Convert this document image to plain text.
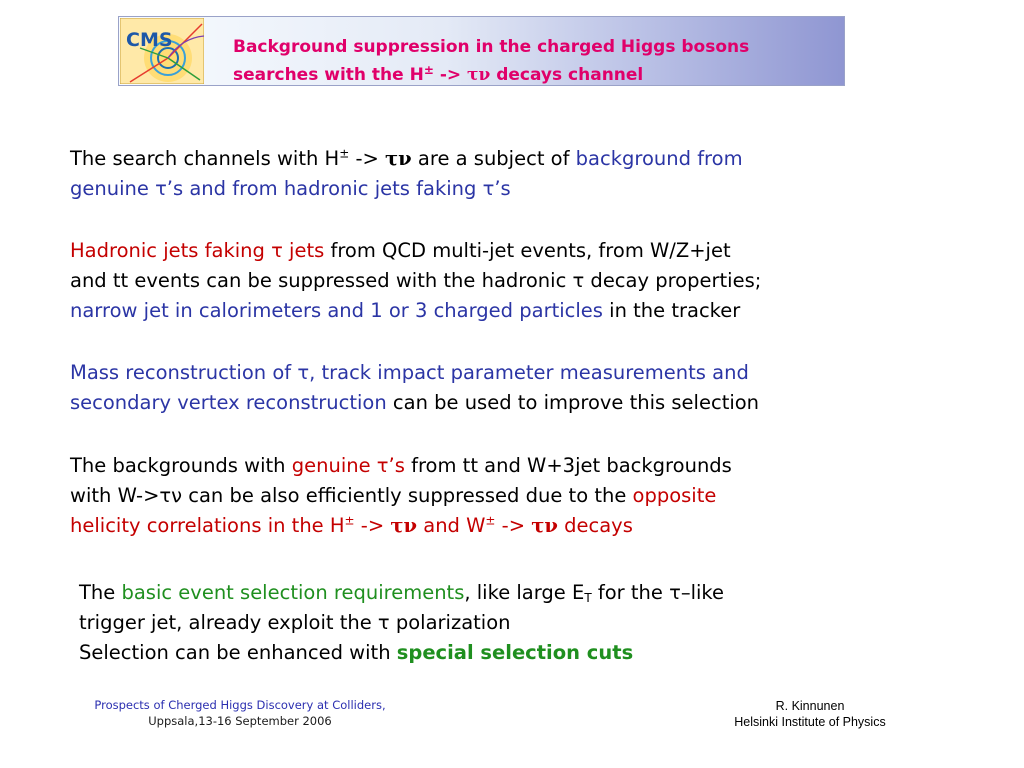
CMS	Background suppression in the charged Higgs bosons
searches with the H± -> τν decays channel
The search channels with H± -> τν are a subject of background from
genuine τ’s and from hadronic jets faking τ’s
Hadronic jets faking τ jets from QCD multi-jet events, from W/Z+jet
and tt events can be suppressed with the hadronic τ decay properties;
narrow jet in calorimeters and 1 or 3 charged particles in the tracker
Mass reconstruction of τ, track impact parameter measurements and
secondary vertex reconstruction can be used to improve this selection
The backgrounds with genuine τ’s from tt and W+3jet backgrounds
with W->τν can be also efficiently suppressed due to the opposite
helicity correlations in the H± -> τν and W± -> τν decays
The basic event selection requirements, like large $E_T$ for the τ–like
trigger jet, already exploit the τ polarization
Selection can be enhanced with special selection cuts
Prospects of Cherged Higgs Discovery at Colliders,
Uppsala,13-16 September 2006
R. Kinnunen
Helsinki Institute of Physics
